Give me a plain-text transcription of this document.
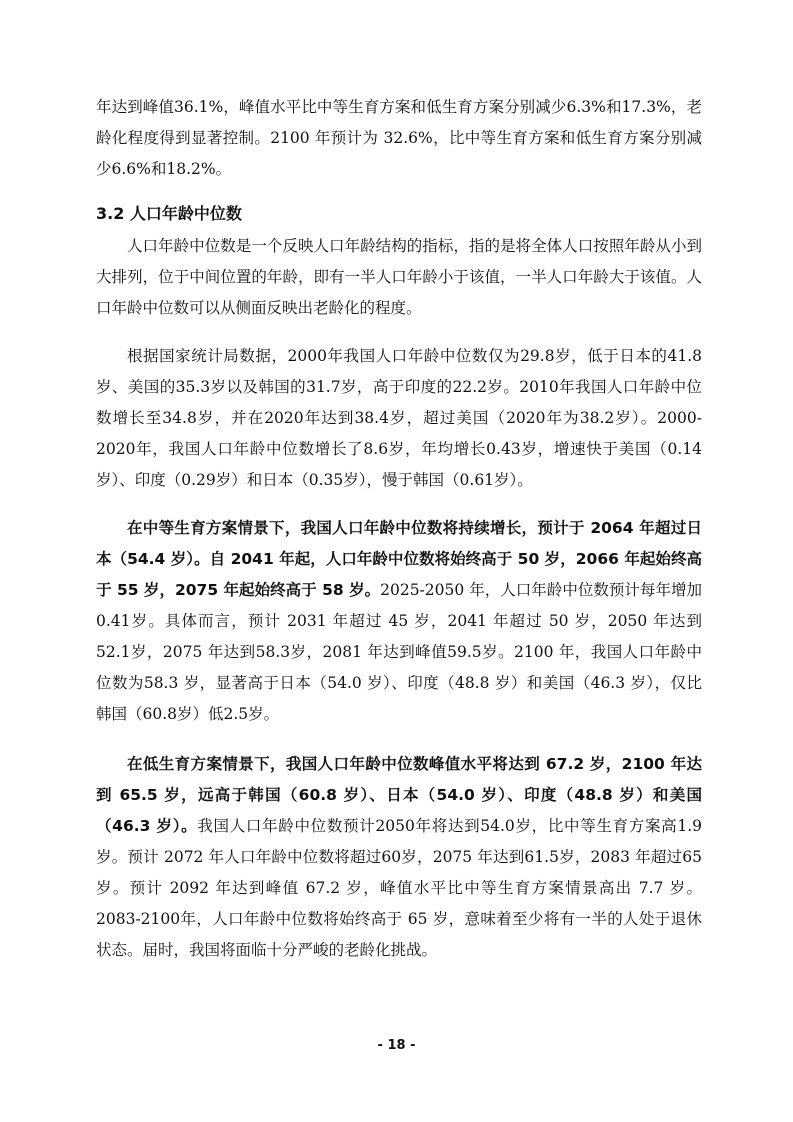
年达到峰值36.1%，峰值水平比中等生育方案和低生育方案分别减少6.3%和17.3%，老龄化程度得到显著控制。2100 年预计为 32.6%，比中等生育方案和低生育方案分别减少6.6%和18.2%。

3.2 人口年龄中位数

人口年龄中位数是一个反映人口年龄结构的指标，指的是将全体人口按照年龄从小到大排列，位于中间位置的年龄，即有一半人口年龄小于该值，一半人口年龄大于该值。人口年龄中位数可以从侧面反映出老龄化的程度。

根据国家统计局数据，2000年我国人口年龄中位数仅为29.8岁，低于日本的41.8岁、美国的35.3岁以及韩国的31.7岁，高于印度的22.2岁。2010年我国人口年龄中位数增长至34.8岁，并在2020年达到38.4岁，超过美国（2020年为38.2岁）。2000-2020年，我国人口年龄中位数增长了8.6岁，年均增长0.43岁，增速快于美国（0.14岁）、印度（0.29岁）和日本（0.35岁），慢于韩国（0.61岁）。

在中等生育方案情景下，我国人口年龄中位数将持续增长，预计于 2064 年超过日本（54.4 岁）。自 2041 年起，人口年龄中位数将始终高于 50 岁，2066 年起始终高于 55 岁，2075 年起始终高于 58 岁。2025-2050 年，人口年龄中位数预计每年增加0.41岁。具体而言，预计 2031 年超过 45 岁，2041 年超过 50 岁，2050 年达到 52.1岁，2075 年达到58.3岁，2081 年达到峰值59.5岁。2100 年，我国人口年龄中位数为58.3 岁，显著高于日本（54.0 岁）、印度（48.8 岁）和美国（46.3 岁），仅比韩国（60.8岁）低2.5岁。

在低生育方案情景下，我国人口年龄中位数峰值水平将达到 67.2 岁，2100 年达到 65.5 岁，远高于韩国（60.8 岁）、日本（54.0 岁）、印度（48.8 岁）和美国（46.3 岁）。我国人口年龄中位数预计2050年将达到54.0岁，比中等生育方案高1.9岁。预计 2072 年人口年龄中位数将超过60岁，2075 年达到61.5岁，2083 年超过65岁。预计 2092 年达到峰值 67.2 岁，峰值水平比中等生育方案情景高出 7.7 岁。2083-2100年，人口年龄中位数将始终高于 65 岁，意味着至少将有一半的人处于退休状态。届时，我国将面临十分严峻的老龄化挑战。

- 18 -
